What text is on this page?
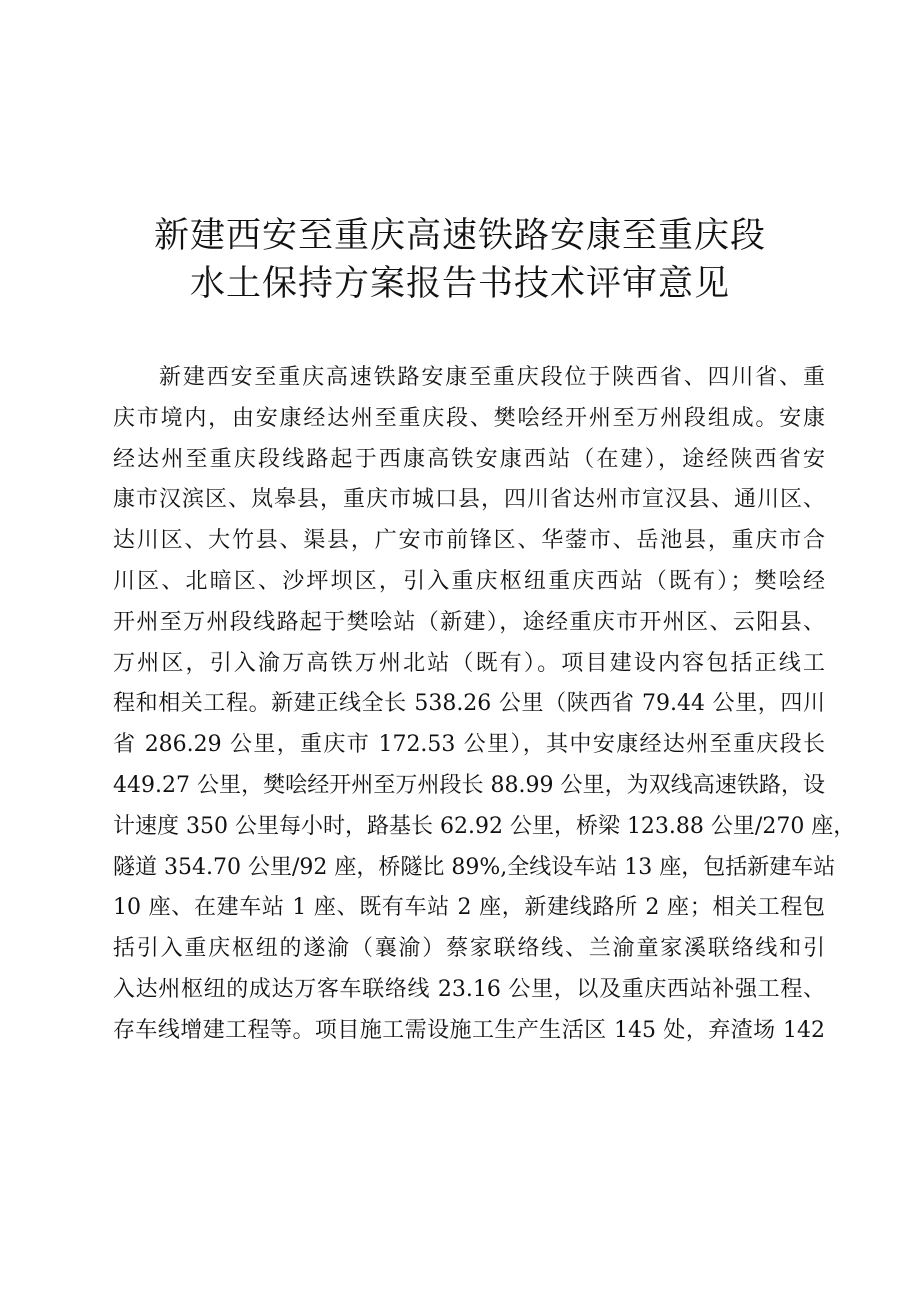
新建西安至重庆高速铁路安康至重庆段
水土保持方案报告书技术评审意见
新建西安至重庆高速铁路安康至重庆段位于陕西省、四川省、重
庆市境内，由安康经达州至重庆段、樊哙经开州至万州段组成。安康
经达州至重庆段线路起于西康高铁安康西站（在建），途经陕西省安
康市汉滨区、岚皋县，重庆市城口县，四川省达州市宣汉县、通川区、
达川区、大竹县、渠县，广安市前锋区、华蓥市、岳池县，重庆市合
川区、北暗区、沙坪坝区，引入重庆枢纽重庆西站（既有）；樊哙经
开州至万州段线路起于樊哙站（新建），途经重庆市开州区、云阳县、
万州区，引入渝万高铁万州北站（既有）。项目建设内容包括正线工
程和相关工程。新建正线全长 538.26 公里（陕西省 79.44 公里，四川
省 286.29 公里，重庆市 172.53 公里），其中安康经达州至重庆段长
449.27 公里，樊哙经开州至万州段长 88.99 公里，为双线高速铁路，设
计速度 350 公里每小时，路基长 62.92 公里，桥梁 123.88 公里/270 座，
隧道 354.70 公里/92 座，桥隧比 89%,全线设车站 13 座，包括新建车站
10 座、在建车站 1 座、既有车站 2 座，新建线路所 2 座；相关工程包
括引入重庆枢纽的遂渝（襄渝）蔡家联络线、兰渝童家溪联络线和引
入达州枢纽的成达万客车联络线 23.16 公里，以及重庆西站补强工程、
存车线增建工程等。项目施工需设施工生产生活区 145 处，弃渣场 142
